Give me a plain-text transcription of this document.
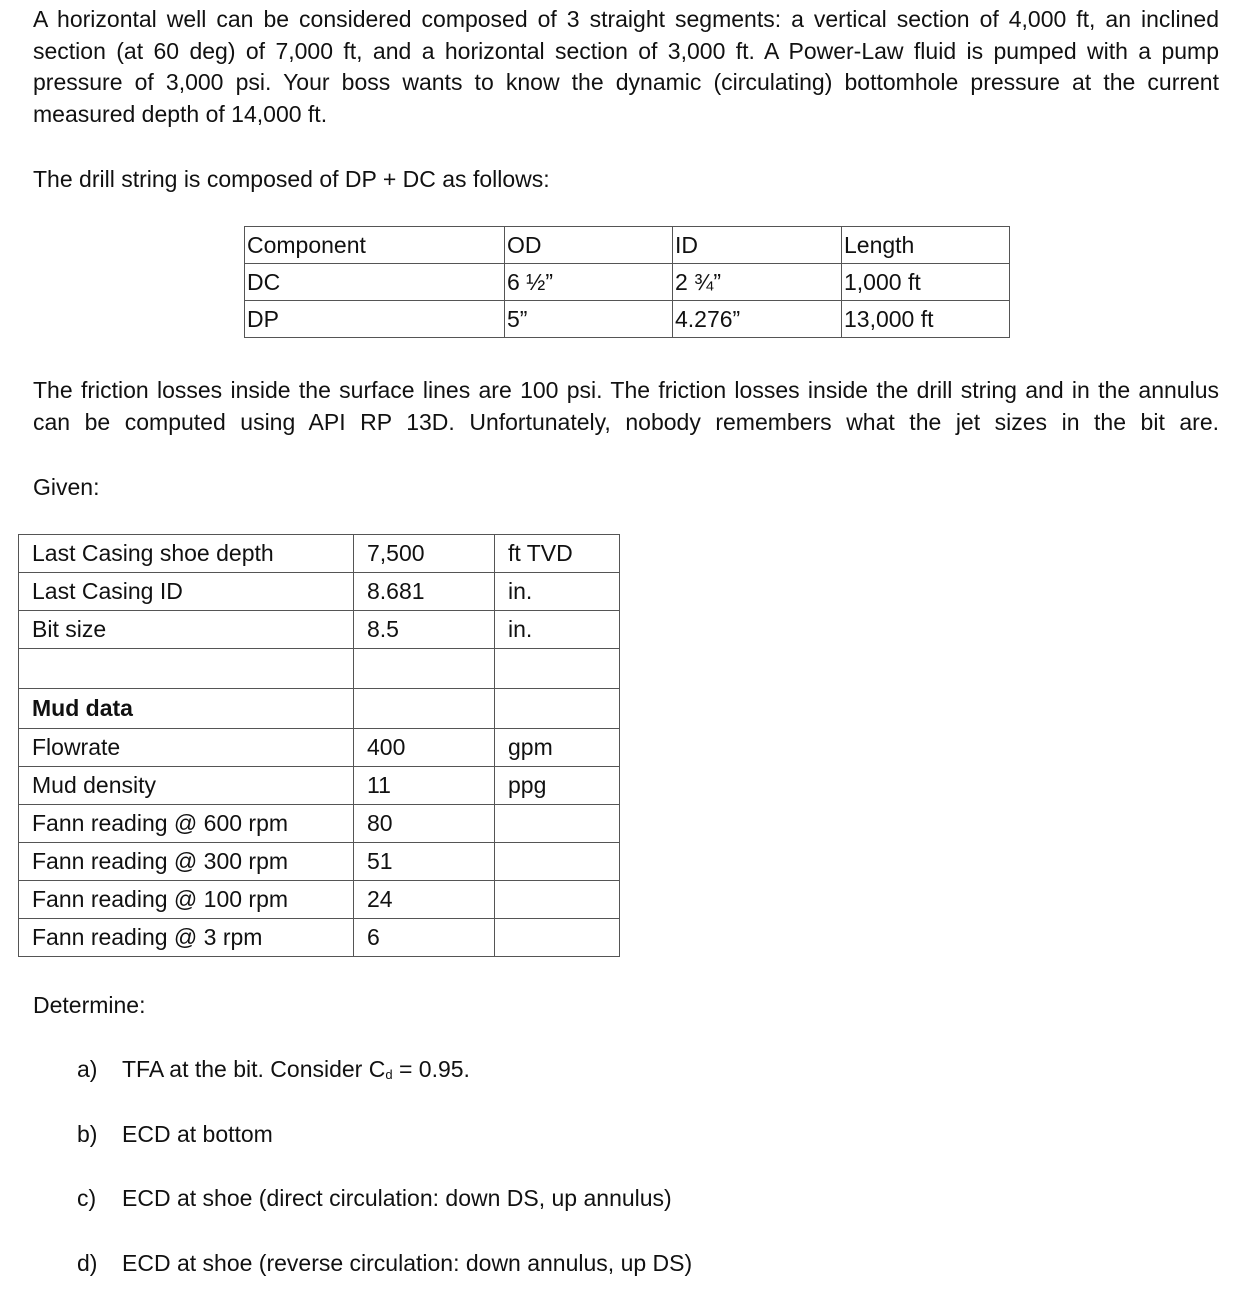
A horizontal well can be considered composed of 3 straight segments: a vertical section of 4,000 ft, an inclined section (at 60 deg) of 7,000 ft, and a horizontal section of 3,000 ft. A Power-Law fluid is pumped with a pump pressure of 3,000 psi. Your boss wants to know the dynamic (circulating) bottomhole pressure at the current measured depth of 14,000 ft.

The drill string is composed of DP + DC as follows:

Component	OD	ID	Length
DC	6 ½”	2 ¾”	1,000 ft
DP	5”	4.276”	13,000 ft

The friction losses inside the surface lines are 100 psi. The friction losses inside the drill string and in the annulus can be computed using API RP 13D. Unfortunately, nobody remembers what the jet sizes in the bit are.

Given:

Last Casing shoe depth	7,500	ft TVD
Last Casing ID	8.681	in.
Bit size	8.5	in.

Mud data		
Flowrate	400	gpm
Mud density	11	ppg
Fann reading @ 600 rpm	80	
Fann reading @ 300 rpm	51	
Fann reading @ 100 rpm	24	
Fann reading @ 3 rpm	6	

Determine:

a) TFA at the bit. Consider Cd = 0.95.

b) ECD at bottom

c) ECD at shoe (direct circulation: down DS, up annulus)

d) ECD at shoe (reverse circulation: down annulus, up DS)
